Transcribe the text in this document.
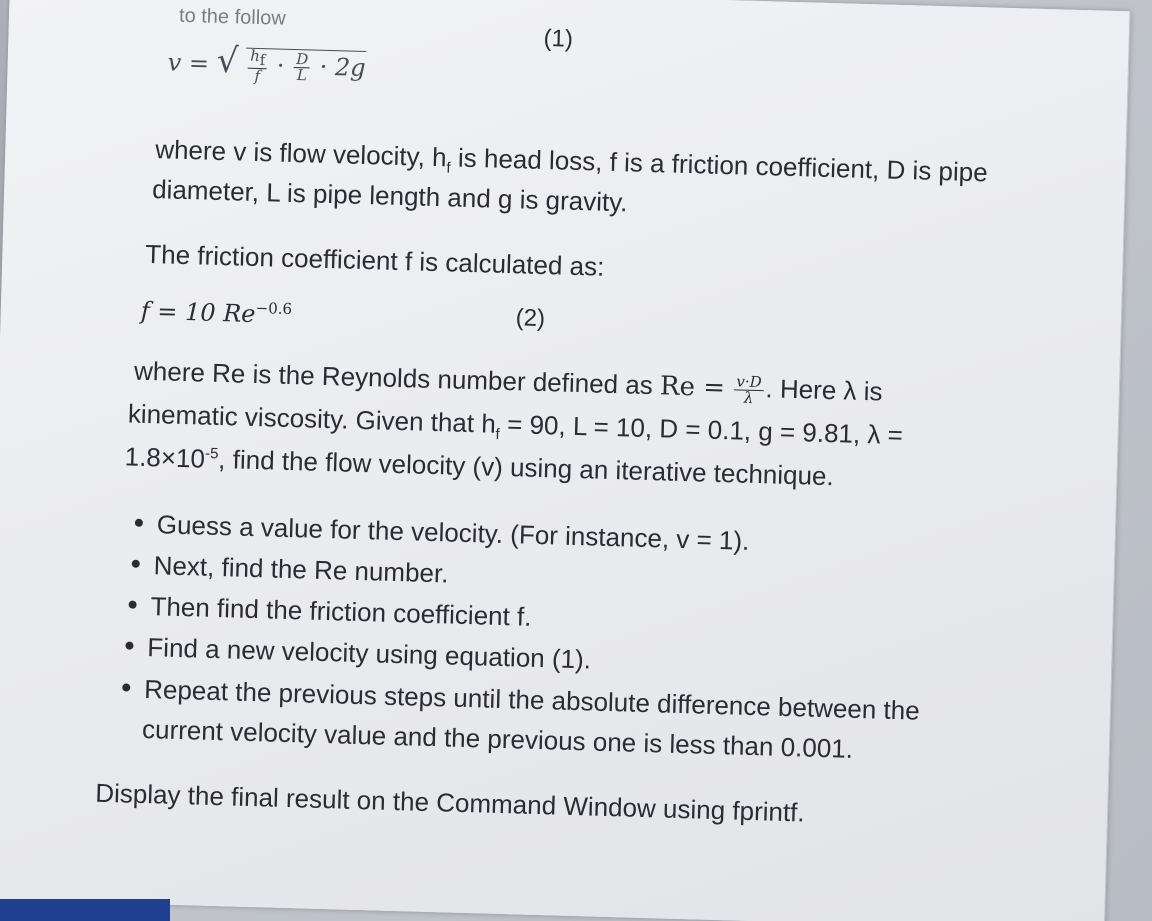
to the follow
v = √ $\frac{h_f}{f} \cdot \frac{D}{L} \cdot 2g$
(1)
where v is flow velocity, $h_f$ is head loss, f is a friction coefficient, D is pipe
diameter, L is pipe length and g is gravity.
The friction coefficient f is calculated as:
f = 10 $Re^{-0.6}$	(2)
where Re is the Reynolds number defined as $Re = \frac{v\cdot D}{\lambda}$ . Here λ is
kinematic viscosity. Given that $h_f = 90$, L = 10, D = 0.1, g = 9.81, λ =
$1.8\times 10^{-5}$, find the flow velocity (v) using an iterative technique.
Guess a value for the velocity. (For instance, v = 1).
Next, find the Re number.
Then find the friction coefficient f.
Find a new velocity using equation (1).
Repeat the previous steps until the absolute difference between the
current velocity value and the previous one is less than 0.001.
Display the final result on the Command Window using fprintf.
